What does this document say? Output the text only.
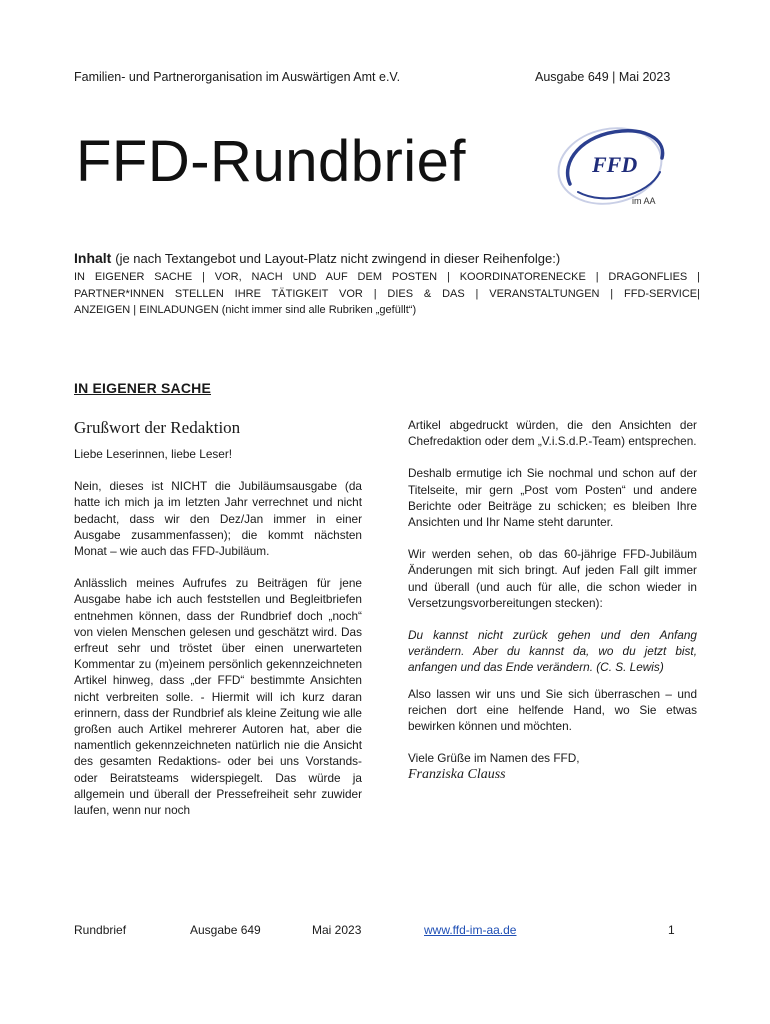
Familien- und Partnerorganisation im Auswärtigen Amt e.V.	Ausgabe 649 | Mai 2023
FFD-Rundbrief	FFD
im AA
Inhalt (je nach Textangebot und Layout-Platz nicht zwingend in dieser Reihenfolge:)
IN EIGENER SACHE | VOR, NACH UND AUF DEM POSTEN | KOORDINATORENECKE | DRAGONFLIES |
PARTNER*INNEN STELLEN IHRE TÄTIGKEIT VOR | DIES & DAS | VERANSTALTUNGEN | FFD-SERVICE|
ANZEIGEN | EINLADUNGEN (nicht immer sind alle Rubriken „gefüllt“)
IN EIGENER SACHE
Grußwort der Redaktion

Liebe Leserinnen, liebe Leser!

Nein, dieses ist NICHT die Jubiläumsausgabe (da hatte ich mich ja im letzten Jahr verrechnet und nicht bedacht, dass wir den Dez/Jan immer in einer Ausgabe zusammenfassen); die kommt nächsten Monat – wie auch das FFD-Jubiläum.

Anlässlich meines Aufrufes zu Beiträgen für jene Ausgabe habe ich auch feststellen und Begleitbriefen entnehmen können, dass der Rundbrief doch „noch“ von vielen Menschen gelesen und geschätzt wird. Das erfreut sehr und tröstet über einen unerwarteten Kommentar zu (m)einem persönlich gekennzeichneten Artikel hinweg, dass „der FFD“ bestimmte Ansichten nicht verbreiten solle. - Hiermit will ich kurz daran erinnern, dass der Rundbrief als kleine Zeitung wie alle großen auch Artikel mehrerer Autoren hat, aber die namentlich gekennzeichneten natürlich nie die Ansicht des gesamten Redaktions- oder bei uns Vorstands- oder Beiratsteams widerspiegelt. Das würde ja allgemein und überall der Pressefreiheit sehr zuwider laufen, wenn nur noch

Artikel abgedruckt würden, die den Ansichten der Chefredaktion oder dem „V.i.S.d.P.-Team) entsprechen.

Deshalb ermutige ich Sie nochmal und schon auf der Titelseite, mir gern „Post vom Posten“ und andere Berichte oder Beiträge zu schicken; es bleiben Ihre Ansichten und Ihr Name steht darunter.

Wir werden sehen, ob das 60-jährige FFD-Jubiläum Änderungen mit sich bringt. Auf jeden Fall gilt immer und überall (und auch für alle, die schon wieder in Versetzungsvorbereitungen stecken):

Du kannst nicht zurück gehen und den Anfang verändern. Aber du kannst da, wo du jetzt bist, anfangen und das Ende verändern. (C. S. Lewis)

Also lassen wir uns und Sie sich überraschen – und reichen dort eine helfende Hand, wo Sie etwas bewirken können und möchten.

Viele Grüße im Namen des FFD,
Franziska Clauss

Rundbrief	Ausgabe 649	Mai 2023	www.ffd-im-aa.de	1
